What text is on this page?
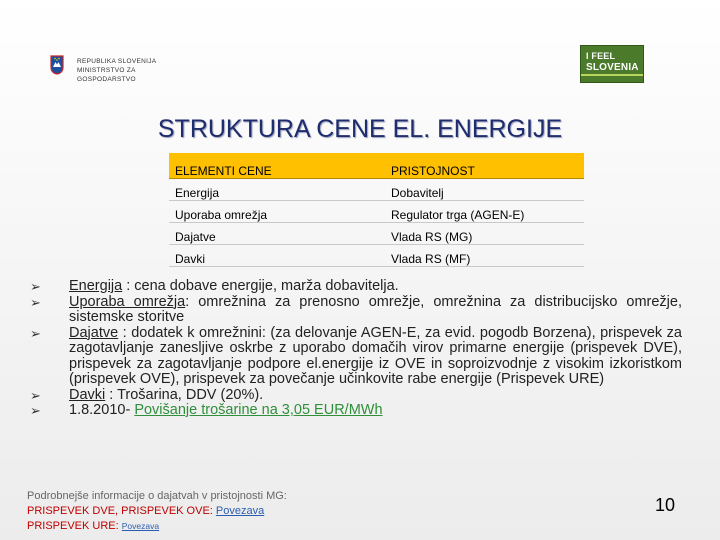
REPUBLIKA SLOVENIJA
MINISTRSTVO ZA
GOSPODARSTVO
I FEEL
SLOVENIA
STRUKTURA CENE EL. ENERGIJE
ELEMENTI CENE	PRISTOJNOST
Energija	Dobavitelj
Uporaba omrežja	Regulator trga (AGEN-E)
Dajatve	Vlada RS (MG)
Davki	Vlada RS (MF)

➢ Energija : cena dobave energije, marža dobavitelja.

➢ Uporaba omrežja: omrežnina za prenosno omrežje, omrežnina za distribucijsko omrežje, sistemske storitve

➢ Dajatve : dodatek k omrežnini: (za delovanje AGEN-E, za evid. pogodb Borzena), prispevek za zagotavljanje zanesljive oskrbe z uporabo domačih virov primarne energije (prispevek DVE), prispevek za zagotavljanje podpore el.energije iz OVE in soproizvodnje z visokim izkoristkom (prispevek OVE), prispevek za povečanje učinkovite rabe energije (Prispevek URE)

➢ Davki : Trošarina, DDV (20%).

➢ 1.8.2010- Povišanje trošarine na 3,05 EUR/MWh

Podrobnejše informacije o dajatvah v pristojnosti MG:
PRISPEVEK DVE, PRISPEVEK OVE: Povezava
PRISPEVEK URE: Povezava
10
